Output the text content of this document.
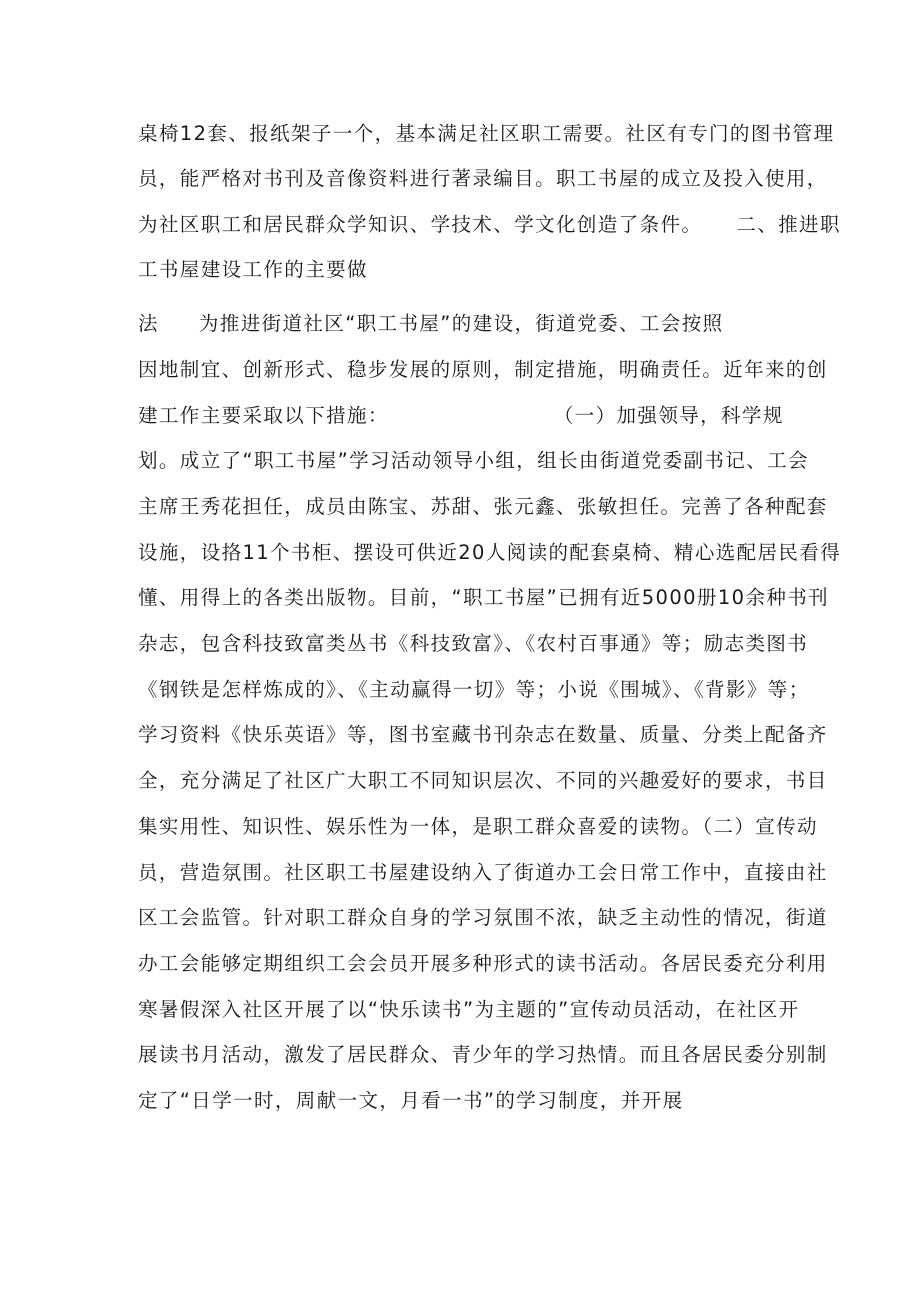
桌椅12套、报纸架子一个，基本满足社区职工需要。社区有专门的图书管理
员，能严格对书刊及音像资料进行著录编目。职工书屋的成立及投入使用，
为社区职工和居民群众学知识、学技术、学文化创造了条件。 二、推进职
工书屋建设工作的主要做
法 为推进街道社区“职工书屋”的建设，街道党委、工会按照
因地制宜、创新形式、稳步发展的原则，制定措施，明确责任。近年来的创
建工作主要采取以下措施：	（一）加强领导，科学规
划。成立了“职工书屋”学习活动领导小组，组长由街道党委副书记、工会
主席王秀花担任，成员由陈宝、苏甜、张元鑫、张敏担任。完善了各种配套
设施，设挌11个书柜、摆设可供近20人阅读的配套桌椅、精心选配居民看得
懂、用得上的各类出版物。目前，“职工书屋”已拥有近5000册10余种书刊
杂志，包含科技致富类丛书《科技致富》、《农村百事通》等；励志类图书
《钢铁是怎样炼成的》、《主动赢得一切》等；小说《围城》、《背影》等；
学习资料《快乐英语》等，图书室藏书刊杂志在数量、质量、分类上配备齐
全，充分满足了社区广大职工不同知识层次、不同的兴趣爱好的要求，书目
集实用性、知识性、娱乐性为一体，是职工群众喜爱的读物。（二）宣传动
员，营造氛围。社区职工书屋建设纳入了街道办工会日常工作中，直接由社
区工会监管。针对职工群众自身的学习氛围不浓，缺乏主动性的情况，街道
办工会能够定期组织工会会员开展多种形式的读书活动。各居民委充分利用
寒暑假深入社区开展了以“快乐读书”为主题的”宣传动员活动，在社区开
展读书月活动，激发了居民群众、青少年的学习热情。而且各居民委分别制
定了“日学一时，周献一文，月看一书”的学习制度，并开展
